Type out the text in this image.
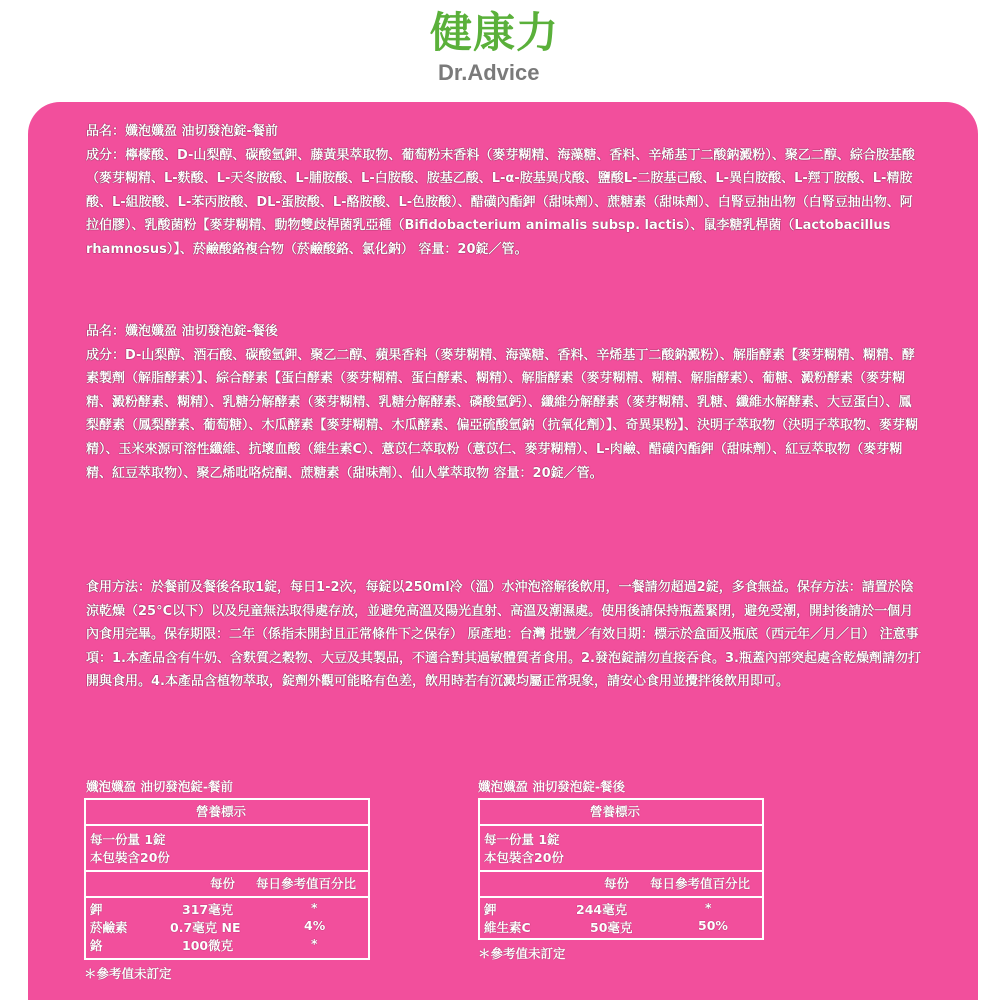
健康力
Dr.Advice
品名：孅泡孅盈 油切發泡錠-餐前
成分：檸檬酸、D-山梨醇、碳酸氫鉀、藤黃果萃取物、葡萄粉末香料（麥芽糊精、海藻糖、香料、辛烯基丁二酸鈉澱粉）、聚乙二醇、綜合胺基酸（麥芽糊精、L-麩酸、L-天冬胺酸、L-脯胺酸、L-白胺酸、胺基乙酸、L-α-胺基異戊酸、鹽酸L-二胺基己酸、L-異白胺酸、L-羥丁胺酸、L-精胺酸、L-組胺酸、L-苯丙胺酸、DL-蛋胺酸、L-酪胺酸、L-色胺酸）、醋磺內酯鉀（甜味劑）、蔗糖素（甜味劑）、白腎豆抽出物（白腎豆抽出物、阿拉伯膠）、乳酸菌粉【麥芽糊精、動物雙歧桿菌乳亞種（Bifidobacterium animalis subsp. lactis）、鼠李糖乳桿菌（Lactobacillus rhamnosus）】、菸鹼酸鉻複合物（菸鹼酸鉻、氯化鈉） 容量：20錠／管。
品名：孅泡孅盈 油切發泡錠-餐後
成分：D-山梨醇、酒石酸、碳酸氫鉀、聚乙二醇、蘋果香料（麥芽糊精、海藻糖、香料、辛烯基丁二酸鈉澱粉）、解脂酵素【麥芽糊精、糊精、酵素製劑（解脂酵素）】、綜合酵素【蛋白酵素（麥芽糊精、蛋白酵素、糊精）、解脂酵素（麥芽糊精、糊精、解脂酵素）、葡糖、澱粉酵素（麥芽糊精、澱粉酵素、糊精）、乳糖分解酵素（麥芽糊精、乳糖分解酵素、磷酸氫鈣）、纖維分解酵素（麥芽糊精、乳糖、纖維水解酵素、大豆蛋白）、鳳梨酵素（鳳梨酵素、葡萄糖）、木瓜酵素【麥芽糊精、木瓜酵素、偏亞硫酸氫鈉（抗氧化劑）】、奇異果粉】、決明子萃取物（決明子萃取物、麥芽糊精）、玉米來源可溶性纖維、抗壞血酸（維生素C）、薏苡仁萃取粉（薏苡仁、麥芽糊精）、L-肉鹼、醋磺內酯鉀（甜味劑）、紅豆萃取物（麥芽糊精、紅豆萃取物）、聚乙烯吡咯烷酮、蔗糖素（甜味劑）、仙人掌萃取物 容量：20錠／管。
食用方法：於餐前及餐後各取1錠，每日1-2次，每錠以250ml冷（溫）水沖泡溶解後飲用，一餐請勿超過2錠，多食無益。保存方法：請置於陰涼乾燥（25°C以下）以及兒童無法取得處存放，並避免高溫及陽光直射、高溫及潮濕處。使用後請保持瓶蓋緊閉，避免受潮，開封後請於一個月內食用完畢。保存期限：二年（係指未開封且正常條件下之保存） 原產地：台灣 批號／有效日期：標示於盒面及瓶底（西元年／月／日） 注意事項：1.本產品含有牛奶、含麩質之穀物、大豆及其製品，不適合對其過敏體質者食用。2.發泡錠請勿直接吞食。3.瓶蓋內部突起處含乾燥劑請勿打開與食用。4.本產品含植物萃取，錠劑外觀可能略有色差，飲用時若有沉澱均屬正常現象，請安心食用並攪拌後飲用即可。
孅泡孅盈 油切發泡錠-餐前
營養標示
每一份量 1錠
本包裝含20份
每份 每日參考值百分比
鉀	317毫克	*
菸鹼素	0.7毫克 NE	4%
鉻	100微克	*
＊參考值未訂定
孅泡孅盈 油切發泡錠-餐後
營養標示
每一份量 1錠
本包裝含20份
每份 每日參考值百分比
鉀	244毫克	*
維生素C	50毫克	50%
＊參考值未訂定
